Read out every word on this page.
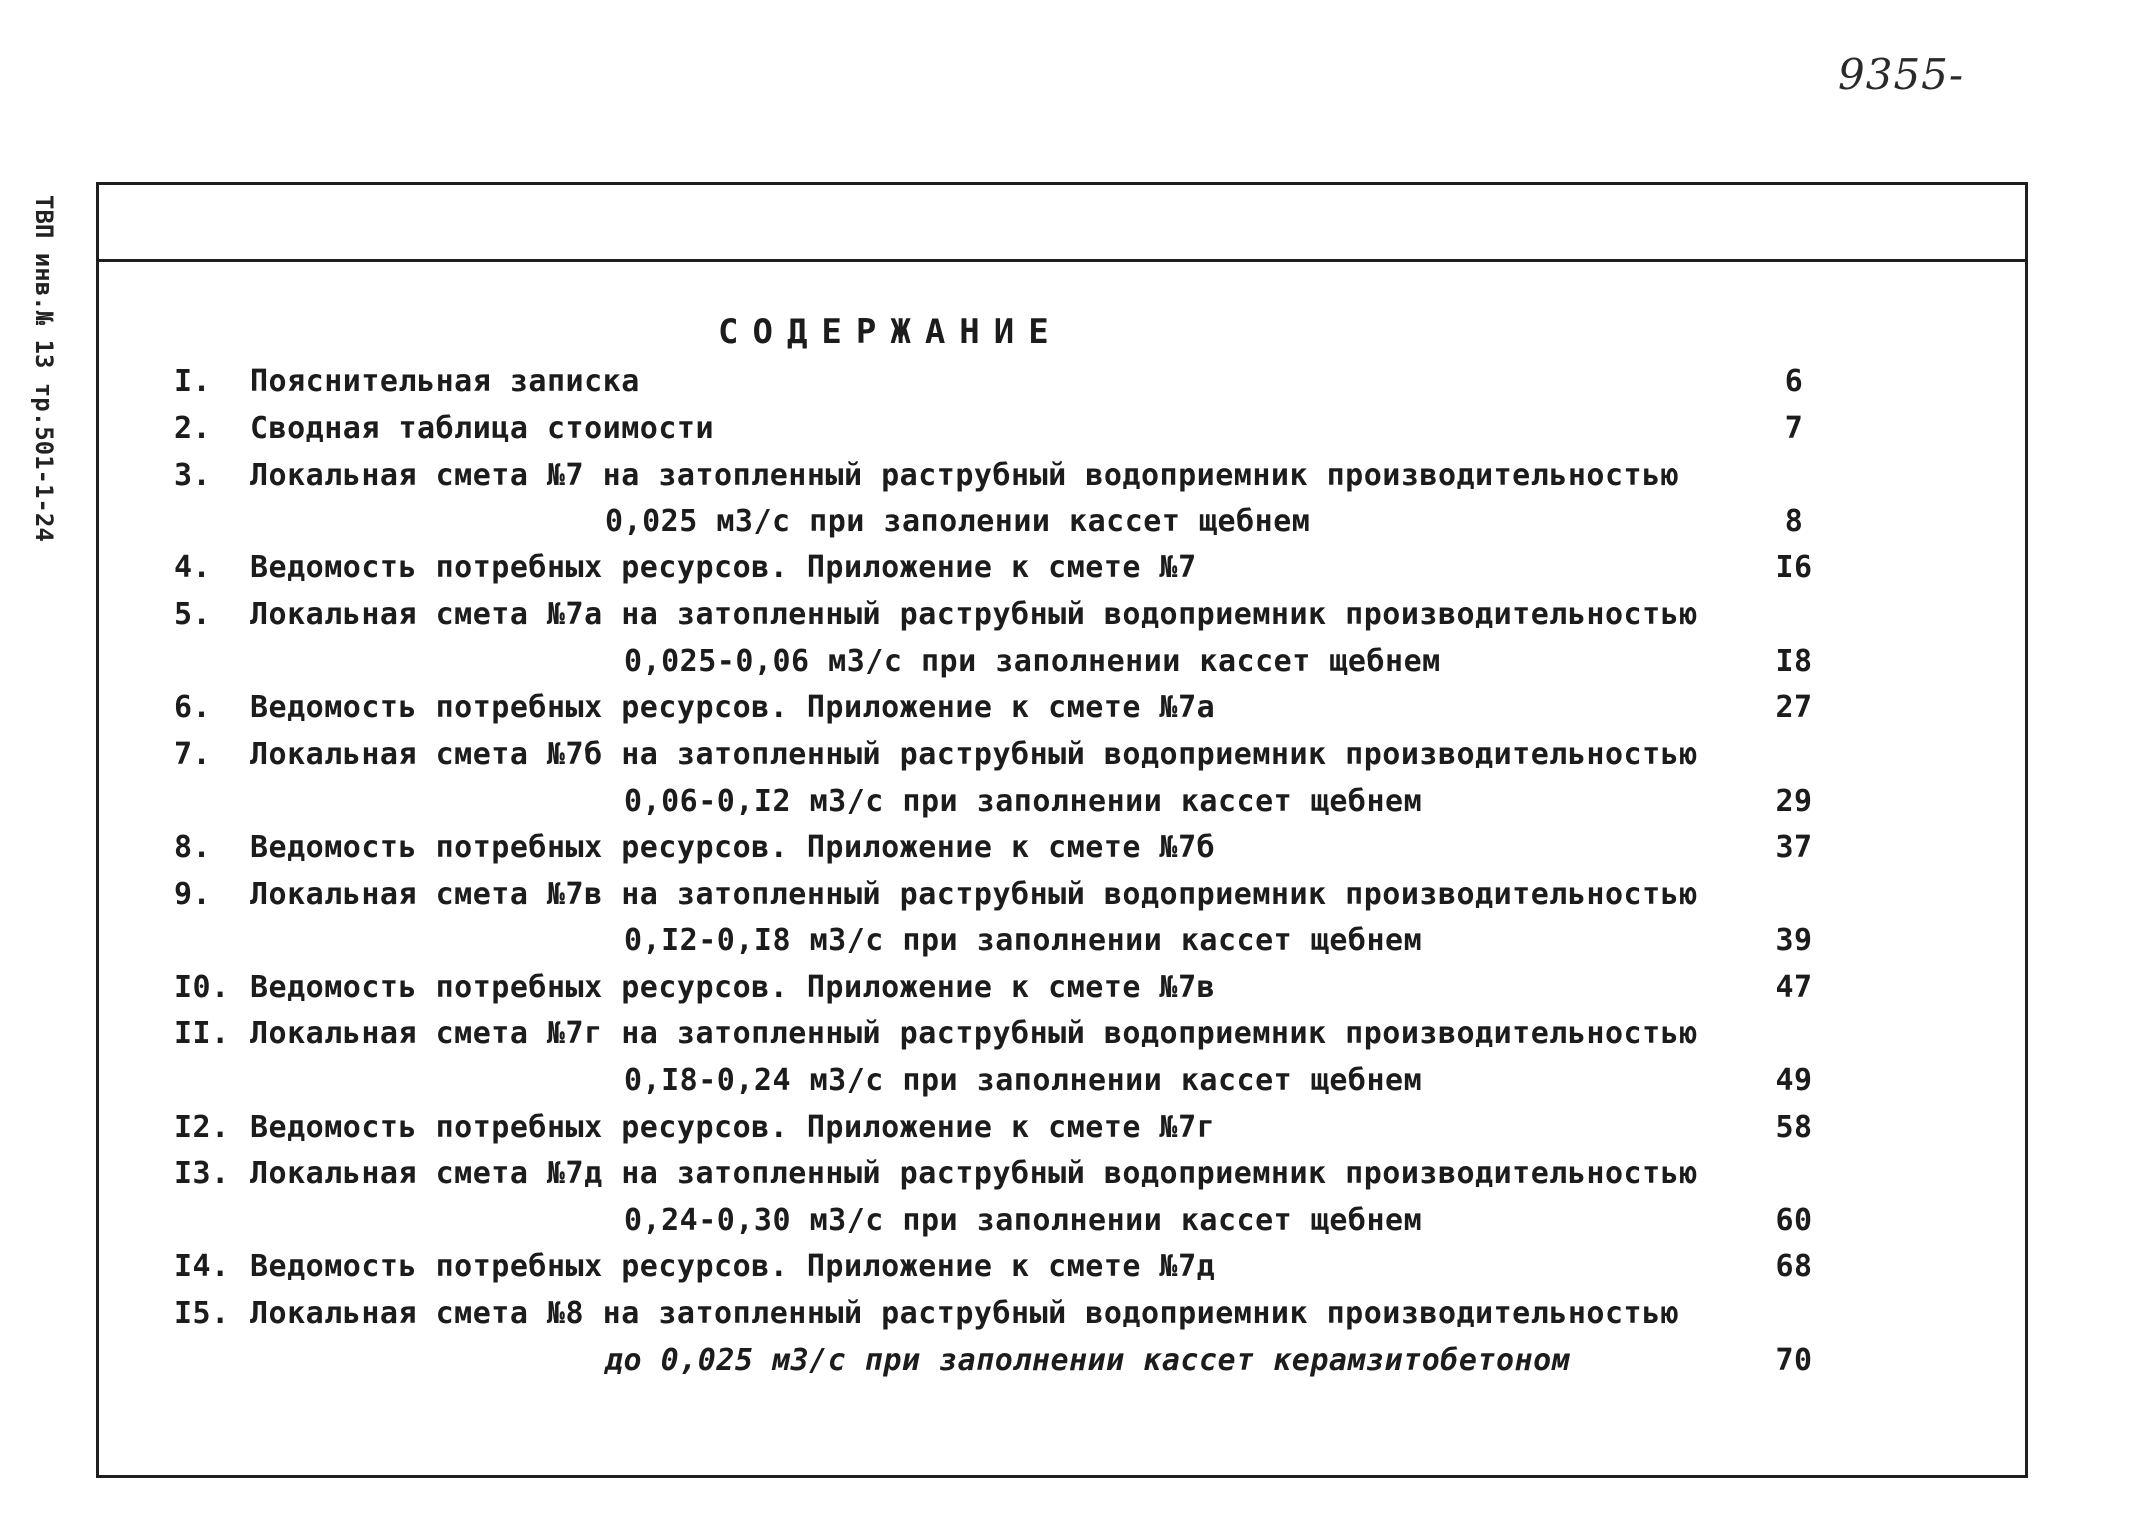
9355-
ТВП инв.№ 13 тр.501-1-24	СОДЕРЖАНИЕ
I. Пояснительная записка	6
2. Сводная таблица стоимости	7
3. Локальная смета №7 на затопленный раструбный водоприемник производительностью
0,025 м3/с при заполении кассет щебнем	8
4. Ведомость потребных ресурсов. Приложение к смете №7	I6
5. Локальная смета №7а на затопленный раструбный водоприемник производительностью
0,025-0,06 м3/с при заполнении кассет щебнем	I8
6. Ведомость потребных ресурсов. Приложение к смете №7а	27
7. Локальная смета №7б на затопленный раструбный водоприемник производительностью
0,06-0,I2 м3/с при заполнении кассет щебнем	29
8. Ведомость потребных ресурсов. Приложение к смете №7б	37
9. Локальная смета №7в на затопленный раструбный водоприемник производительностью
0,I2-0,I8 м3/с при заполнении кассет щебнем	39
I0. Ведомость потребных ресурсов. Приложение к смете №7в	47
II. Локальная смета №7г на затопленный раструбный водоприемник производительностью
0,I8-0,24 м3/с при заполнении кассет щебнем	49
I2. Ведомость потребных ресурсов. Приложение к смете №7г	58
I3. Локальная смета №7д на затопленный раструбный водоприемник производительностью
0,24-0,30 м3/с при заполнении кассет щебнем	60
I4. Ведомость потребных ресурсов. Приложение к смете №7д	68
I5. Локальная смета №8 на затопленный раструбный водоприемник производительностью
до 0,025 м3/с при заполнении кассет керамзитобетоном	70
